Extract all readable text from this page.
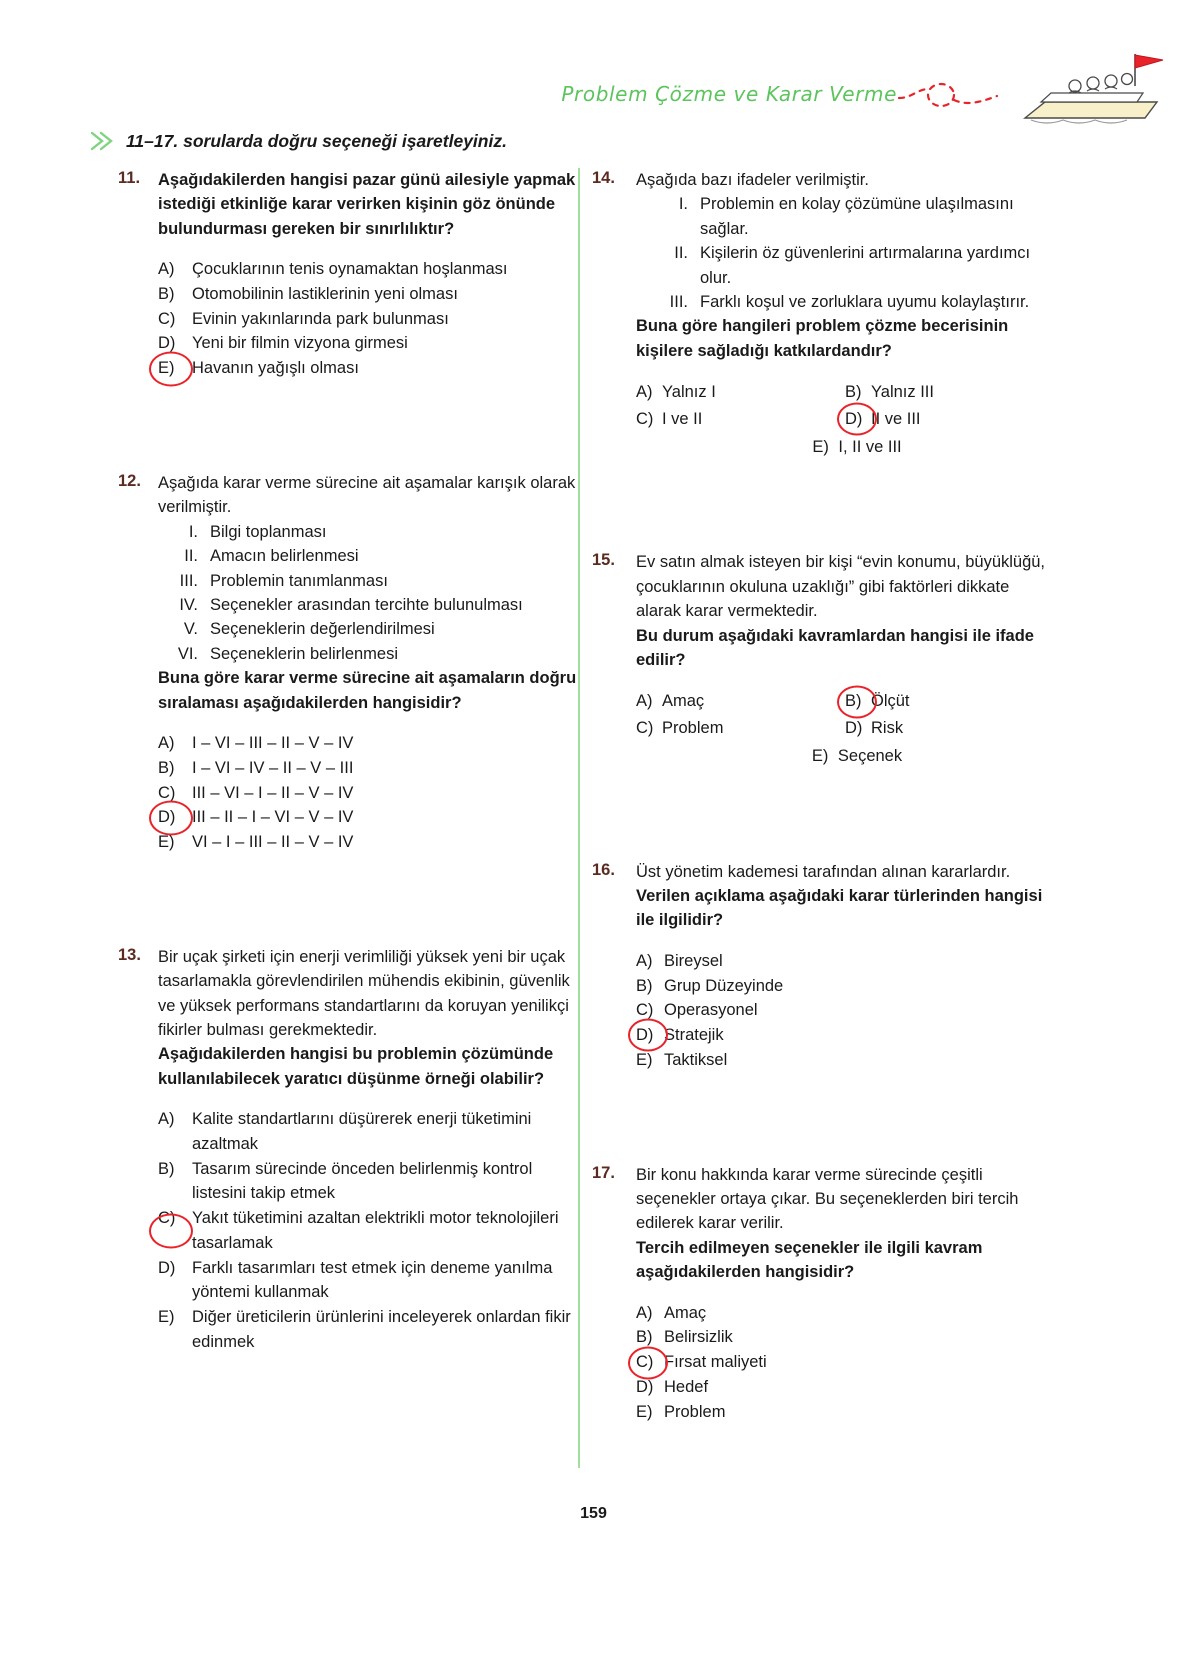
Problem Çözme ve Karar Verme
11–17. sorularda doğru seçeneği işaretleyiniz.
11.	Aşağıdakilerden hangisi pazar günü ailesiyle yapmak istediği etkinliğe karar verirken kişinin göz önünde bulundurması gereken bir sınırlılıktır?
A)	Çocuklarının tenis oynamaktan hoşlanması
B)	Otomobilinin lastiklerinin yeni olması
C)	Evinin yakınlarında park bulunması
D)	Yeni bir filmin vizyona girmesi
E)	Havanın yağışlı olması
12.	Aşağıda karar verme sürecine ait aşamalar karışık olarak verilmiştir.
I. Bilgi toplanması
II. Amacın belirlenmesi
III. Problemin tanımlanması
IV. Seçenekler arasından tercihte bulunulması
V. Seçeneklerin değerlendirilmesi
VI. Seçeneklerin belirlenmesi
Buna göre karar verme sürecine ait aşamaların doğru sıralaması aşağıdakilerden hangisidir?
A)	I – VI – III – II – V – IV
B)	I – VI – IV – II – V – III
C)	III – VI – I – II – V – IV
D)	III – II – I – VI – V – IV
E)	VI – I – III – II – V – IV
13.	Bir uçak şirketi için enerji verimliliği yüksek yeni bir uçak tasarlamakla görevlendirilen mühendis ekibinin, güvenlik ve yüksek performans standartlarını da koruyan yenilikçi fikirler bulması gerekmektedir.
Aşağıdakilerden hangisi bu problemin çözümünde kullanılabilecek yaratıcı düşünme örneği olabilir?
A)	Kalite standartlarını düşürerek enerji tüketimini azaltmak
B)	Tasarım sürecinde önceden belirlenmiş kontrol listesini takip etmek
C)	Yakıt tüketimini azaltan elektrikli motor teknolojileri tasarlamak
D)	Farklı tasarımları test etmek için deneme yanılma yöntemi kullanmak
E)	Diğer üreticilerin ürünlerini inceleyerek onlardan fikir edinmek
14.	Aşağıda bazı ifadeler verilmiştir.
I. Problemin en kolay çözümüne ulaşılmasını sağlar.
II. Kişilerin öz güvenlerini artırmalarına yardımcı olur.
III. Farklı koşul ve zorluklara uyumu kolaylaştırır.
Buna göre hangileri problem çözme becerisinin kişilere sağladığı katkılardandır?
A) Yalnız I	B) Yalnız III
C) I ve II	D) II ve III
E) I, II ve III
15.	Ev satın almak isteyen bir kişi “evin konumu, büyüklüğü, çocuklarının okuluna uzaklığı” gibi faktörleri dikkate alarak karar vermektedir.
Bu durum aşağıdaki kavramlardan hangisi ile ifade edilir?
A) Amaç	B) Ölçüt
C) Problem	D) Risk
E) Seçenek
16.	Üst yönetim kademesi tarafından alınan kararlardır.
Verilen açıklama aşağıdaki karar türlerinden hangisi ile ilgilidir?
A) Bireysel
B) Grup Düzeyinde
C) Operasyonel
D) Stratejik
E) Taktiksel
17.	Bir konu hakkında karar verme sürecinde çeşitli seçenekler ortaya çıkar. Bu seçeneklerden biri tercih edilerek karar verilir.
Tercih edilmeyen seçenekler ile ilgili kavram aşağıdakilerden hangisidir?
A) Amaç
B) Belirsizlik
C) Fırsat maliyeti
D) Hedef
E) Problem
159
